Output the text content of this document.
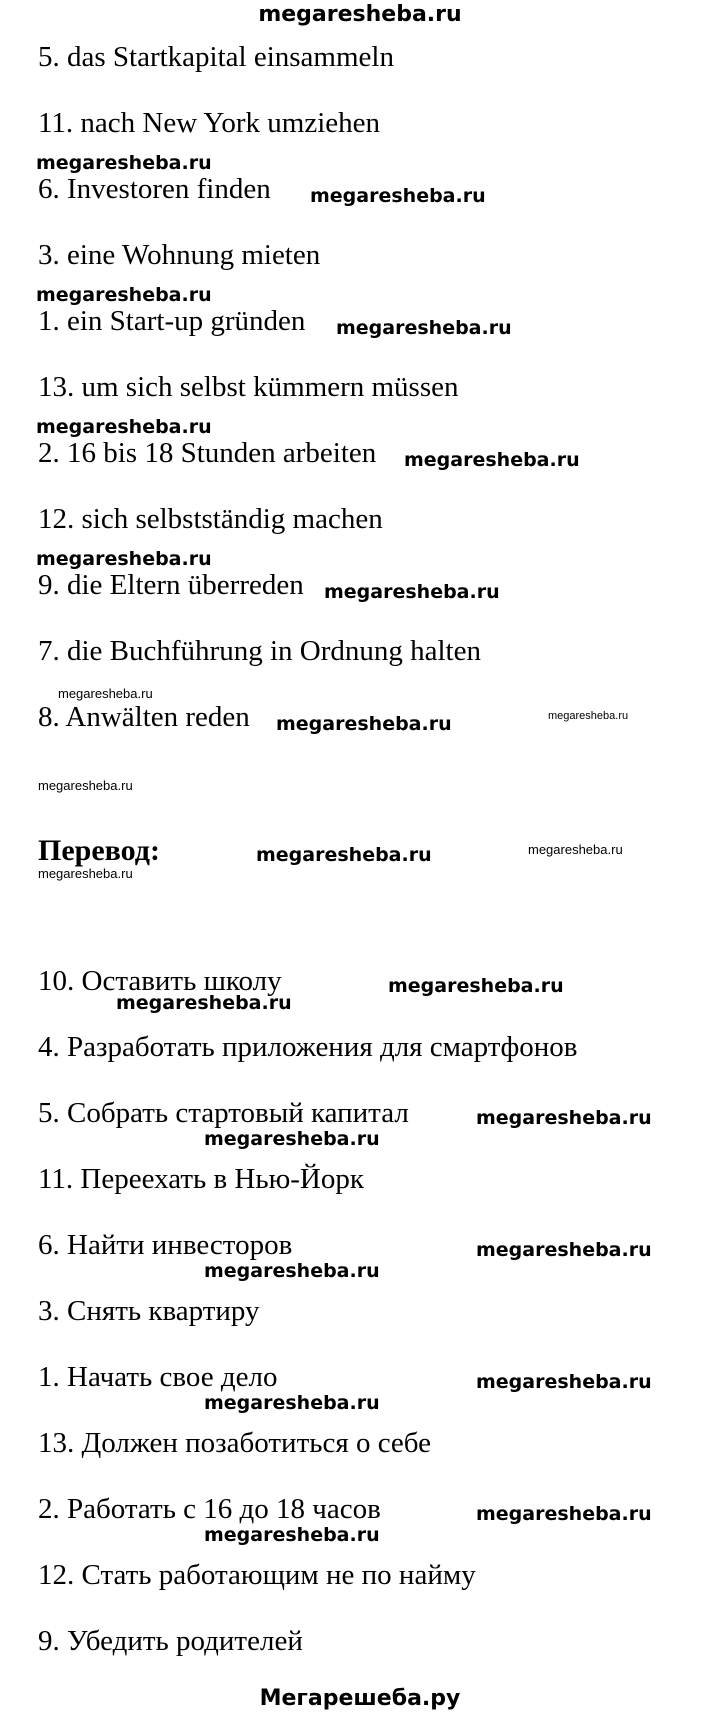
megaresheba.ru
5. das Startkapital einsammeln
11. nach New York umziehen
6. Investoren finden
3. eine Wohnung mieten
1. ein Start-up gründen
13. um sich selbst kümmern müssen
2. 16 bis 18 Stunden arbeiten
12. sich selbstständig machen
9. die Eltern überreden
7. die Buchführung in Ordnung halten
8. Anwälten reden
Перевод:
10. Оставить школу
4. Разработать приложения для смартфонов
5. Собрать стартовый капитал
11. Переехать в Нью-Йорк
6. Найти инвесторов
3. Снять квартиру
1. Начать свое дело
13. Должен позаботиться о себе
2. Работать с 16 до 18 часов
12. Стать работающим не по найму
9. Убедить родителей
megaresheba.ru
megaresheba.ru
megaresheba.ru
megaresheba.ru
megaresheba.ru
megaresheba.ru
megaresheba.ru
megaresheba.ru
megaresheba.ru
megaresheba.ru
megaresheba.ru
megaresheba.ru
megaresheba.ru
megaresheba.ru
megaresheba.ru
megaresheba.ru
megaresheba.ru
megaresheba.ru
megaresheba.ru
megaresheba.ru
megaresheba.ru
megaresheba.ru
megaresheba.ru
megaresheba.ru
megaresheba.ru
Мегарешеба.ру
